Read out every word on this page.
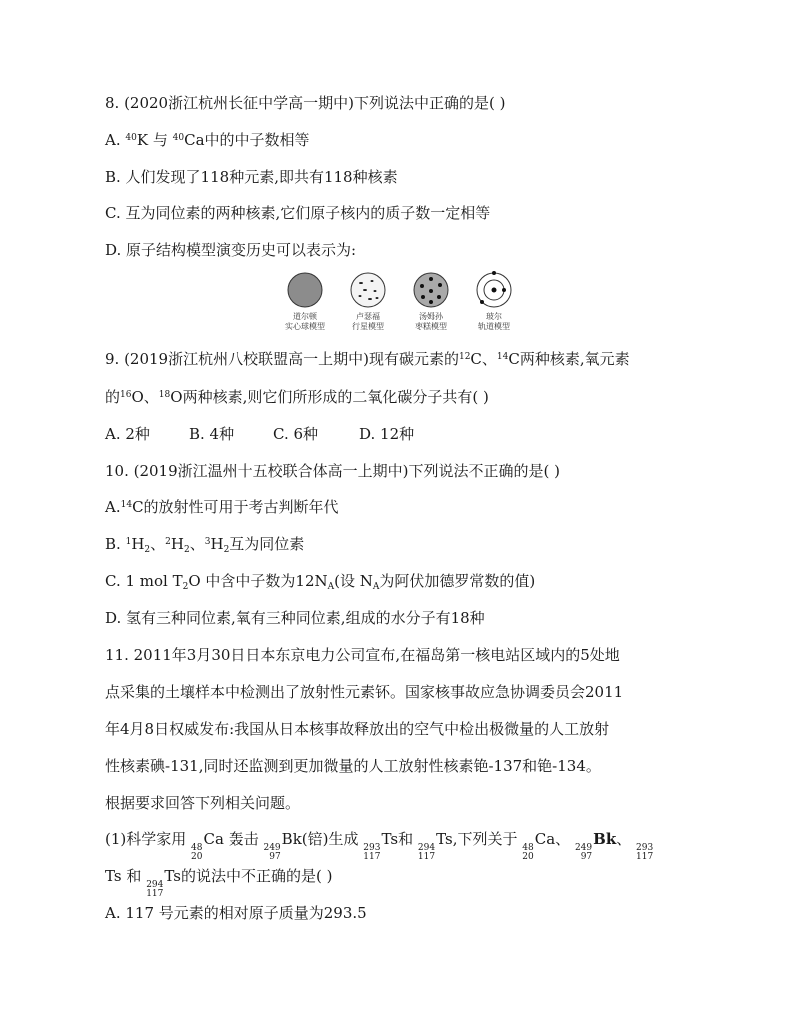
8. (2020浙江杭州长征中学高一期中)下列说法中正确的是( )
A. $^{40}$K 与 $^{40}$Ca中的中子数相等
B. 人们发现了118种元素,即共有118种核素
C. 互为同位素的两种核素,它们原子核内的质子数一定相等
D. 原子结构模型演变历史可以表示为:
道尔顿
实心球模型
卢瑟福
行星模型
汤姆孙
枣糕模型
玻尔
轨道模型
9. (2019浙江杭州八校联盟高一上期中)现有碳元素的$^{12}$C、$^{14}$C两种核素,氧元素
的$^{16}$O、$^{18}$O两种核素,则它们所形成的二氧化碳分子共有( )
A. 2种	B. 4种	C. 6种	D. 12种
10. (2019浙江温州十五校联合体高一上期中)下列说法不正确的是( )
A.$^{14}$C的放射性可用于考古判断年代
B. $^1H_2$、$^2H_2$、$^3H_2$互为同位素
C. 1 mol $T_2O$ 中含中子数为$12N_A$(设 $N_A$为阿伏加德罗常数的值)
D. 氢有三种同位素,氧有三种同位素,组成的水分子有18种
11. 2011年3月30日日本东京电力公司宣布,在福岛第一核电站区域内的5处地
点采集的土壤样本中检测出了放射性元素钚。国家核事故应急协调委员会2011
年4月8日权威发布:我国从日本核事故释放出的空气中检出极微量的人工放射
性核素碘-131,同时还监测到更加微量的人工放射性核素铯-137和铯-134。
根据要求回答下列相关问题。
(1)科学家用 48
20
Ca 轰击 249
97
Bk(锫)生成 293
117
Ts和 294
117
Ts,下列关于 48
20
Ca、 249
97
Bk、 293
117
Ts 和 294
117
Ts的说法中不正确的是( )
A. 117 号元素的相对原子质量为293.5
